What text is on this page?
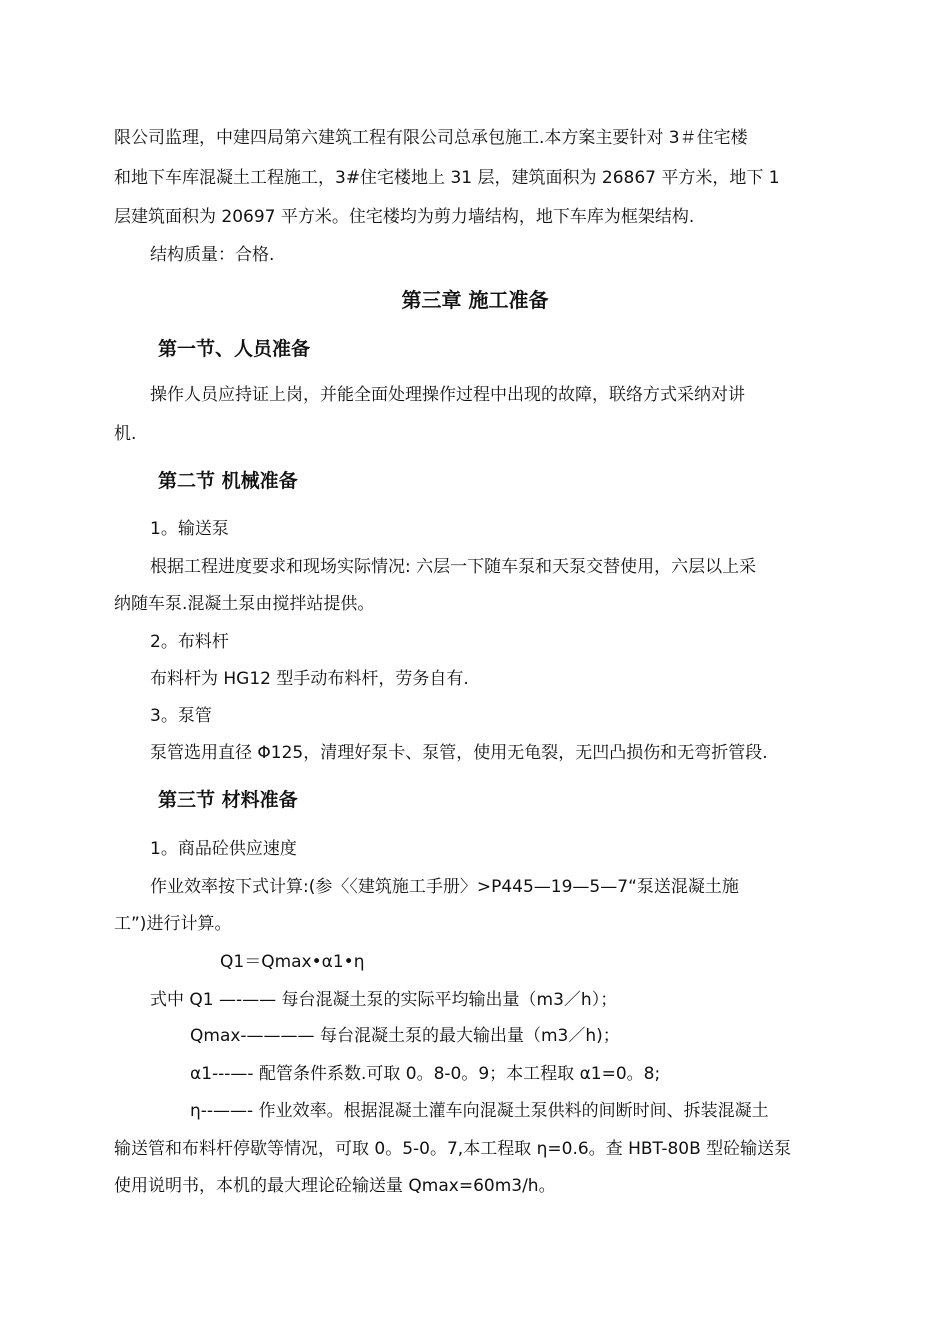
限公司监理，中建四局第六建筑工程有限公司总承包施工.本方案主要针对 3＃住宅楼
和地下车库混凝土工程施工，3#住宅楼地上 31 层，建筑面积为 26867 平方米，地下 1
层建筑面积为 20697 平方米。住宅楼均为剪力墙结构，地下车库为框架结构.
结构质量：合格.
第三章 施工准备
第一节、人员准备
操作人员应持证上岗，并能全面处理操作过程中出现的故障，联络方式采纳对讲
机.
第二节 机械准备
1。输送泵
根据工程进度要求和现场实际情况: 六层一下随车泵和天泵交替使用，六层以上采
纳随车泵.混凝土泵由搅拌站提供。
2。布料杆
布料杆为 HG12 型手动布料杆，劳务自有.
3。泵管
泵管选用直径 Φ125，清理好泵卡、泵管，使用无龟裂，无凹凸损伤和无弯折管段.
第三节 材料准备
1。商品砼供应速度
作业效率按下式计算:(参〈〈建筑施工手册〉>P445—19—5—7“泵送混凝土施
工”)进行计算。
Q1＝Qmax•α1•η
式中 Q1 —-—— 每台混凝土泵的实际平均输出量（m3／h）；
Qmax-———— 每台混凝土泵的最大输出量（m3／h)；
α1---—- 配管条件系数.可取 0。8-0。9；本工程取 α1=0。8;
η--——- 作业效率。根据混凝土灌车向混凝土泵供料的间断时间、拆装混凝土
输送管和布料杆停歇等情况，可取 0。5-0。7,本工程取 η=0.6。查 HBT-80B 型砼输送泵
使用说明书，本机的最大理论砼输送量 Qmax=60m3/h。
